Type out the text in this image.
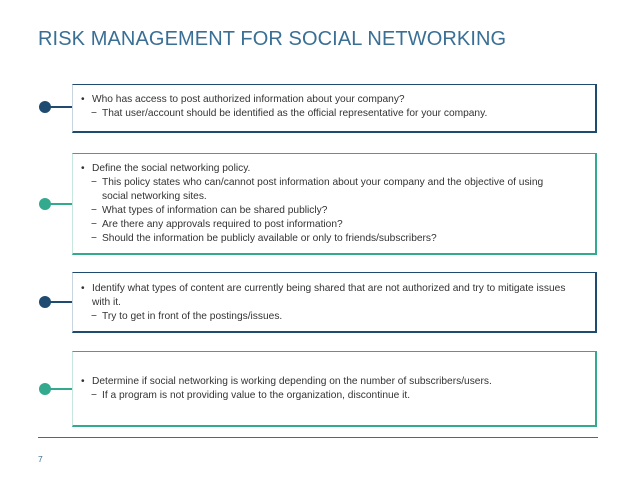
RISK MANAGEMENT FOR SOCIAL NETWORKING
• Who has access to post authorized information about your company?
− That user/account should be identified as the official representative for your company.
• Define the social networking policy.
− This policy states who can/cannot post information about your company and the objective of using
social networking sites.
− What types of information can be shared publicly?
− Are there any approvals required to post information?
− Should the information be publicly available or only to friends/subscribers?
• Identify what types of content are currently being shared that are not authorized and try to mitigate issues
with it.
− Try to get in front of the postings/issues.
• Determine if social networking is working depending on the number of subscribers/users.
− If a program is not providing value to the organization, discontinue it.
7
